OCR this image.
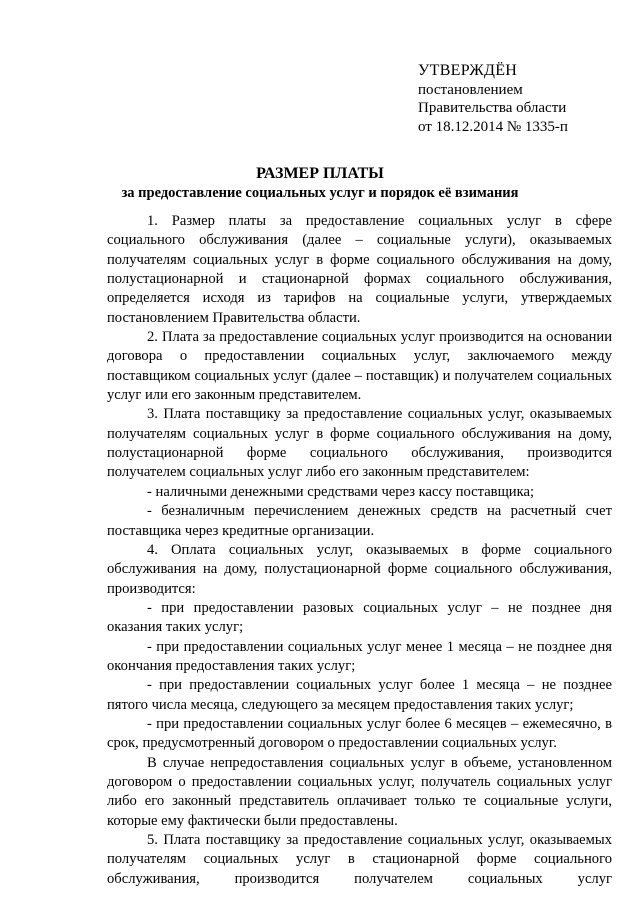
УТВЕРЖДЁН
постановлением
Правительства области
от 18.12.2014 № 1335-п
РАЗМЕР ПЛАТЫ
за предоставление социальных услуг и порядок её взимания

1. Размер платы за предоставление социальных услуг в сфере социального обслуживания (далее – социальные услуги), оказываемых получателям социальных услуг в форме социального обслуживания на дому, полустационарной и стационарной формах социального обслуживания, определяется исходя из тарифов на социальные услуги, утверждаемых постановлением Правительства области.

2. Плата за предоставление социальных услуг производится на основании договора о предоставлении социальных услуг, заключаемого между поставщиком социальных услуг (далее – поставщик) и получателем социальных услуг или его законным представителем.

3. Плата поставщику за предоставление социальных услуг, оказываемых получателям социальных услуг в форме социального обслуживания на дому, полустационарной форме социального обслуживания, производится получателем социальных услуг либо его законным представителем:

- наличными денежными средствами через кассу поставщика;

- безналичным перечислением денежных средств на расчетный счет поставщика через кредитные организации.

4. Оплата социальных услуг, оказываемых в форме социального обслуживания на дому, полустационарной форме социального обслуживания, производится:

- при предоставлении разовых социальных услуг – не позднее дня оказания таких услуг;

- при предоставлении социальных услуг менее 1 месяца – не позднее дня окончания предоставления таких услуг;

- при предоставлении социальных услуг более 1 месяца – не позднее пятого числа месяца, следующего за месяцем предоставления таких услуг;

- при предоставлении социальных услуг более 6 месяцев – ежемесячно, в срок, предусмотренный договором о предоставлении социальных услуг.

В случае непредоставления социальных услуг в объеме, установленном договором о предоставлении социальных услуг, получатель социальных услуг либо его законный представитель оплачивает только те социальные услуги, которые ему фактически были предоставлены.

5. Плата поставщику за предоставление социальных услуг, оказываемых получателям социальных услуг в стационарной форме социального обслуживания, производится получателем социальных услуг
